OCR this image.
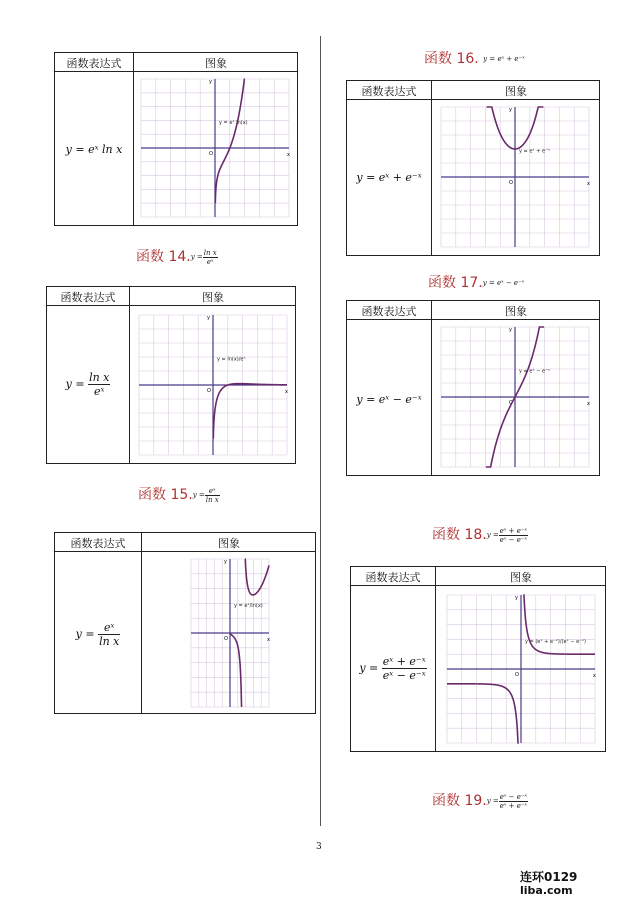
函数表达式	图象
y = eˣ ln x	x
y
O
y = eˣ ln(x)
函数 $14.y = \frac{\text{ln x}}{\text{eˣ}}$
函数表达式	图象
$y = \frac{\text{ln x}}{\text{eˣ}}$	x
y
O
y = ln(x)/eˣ
函数 $15.y = \frac{\text{eˣ}}{\text{ln x}}$
函数表达式	图象
$y = \frac{\text{eˣ}}{\text{ln x}}$	x
y
O
y = eˣ/ln(x)
函数 16. y = eˣ + e⁻ˣ
函数表达式	图象
y = eˣ + e⁻ˣ	x
y
O
y = eˣ + e⁻ˣ
函数 17.y = eˣ − e⁻ˣ
函数表达式	图象
y = eˣ − e⁻ˣ	x
y
O
y = eˣ − e⁻ˣ
函数 $18.y = \frac{\text{eˣ + e⁻ˣ}}{\text{eˣ − e⁻ˣ}}$
函数表达式	图象
$y = \frac{\text{eˣ + e⁻ˣ}}{\text{eˣ − e⁻ˣ}}$	x
y
O
y = (eˣ + e⁻ˣ)/(eˣ − e⁻ˣ)
函数 $19.y = \frac{\text{eˣ − e⁻ˣ}}{\text{eˣ + e⁻ˣ}}$
3
连环0129
liba.com
